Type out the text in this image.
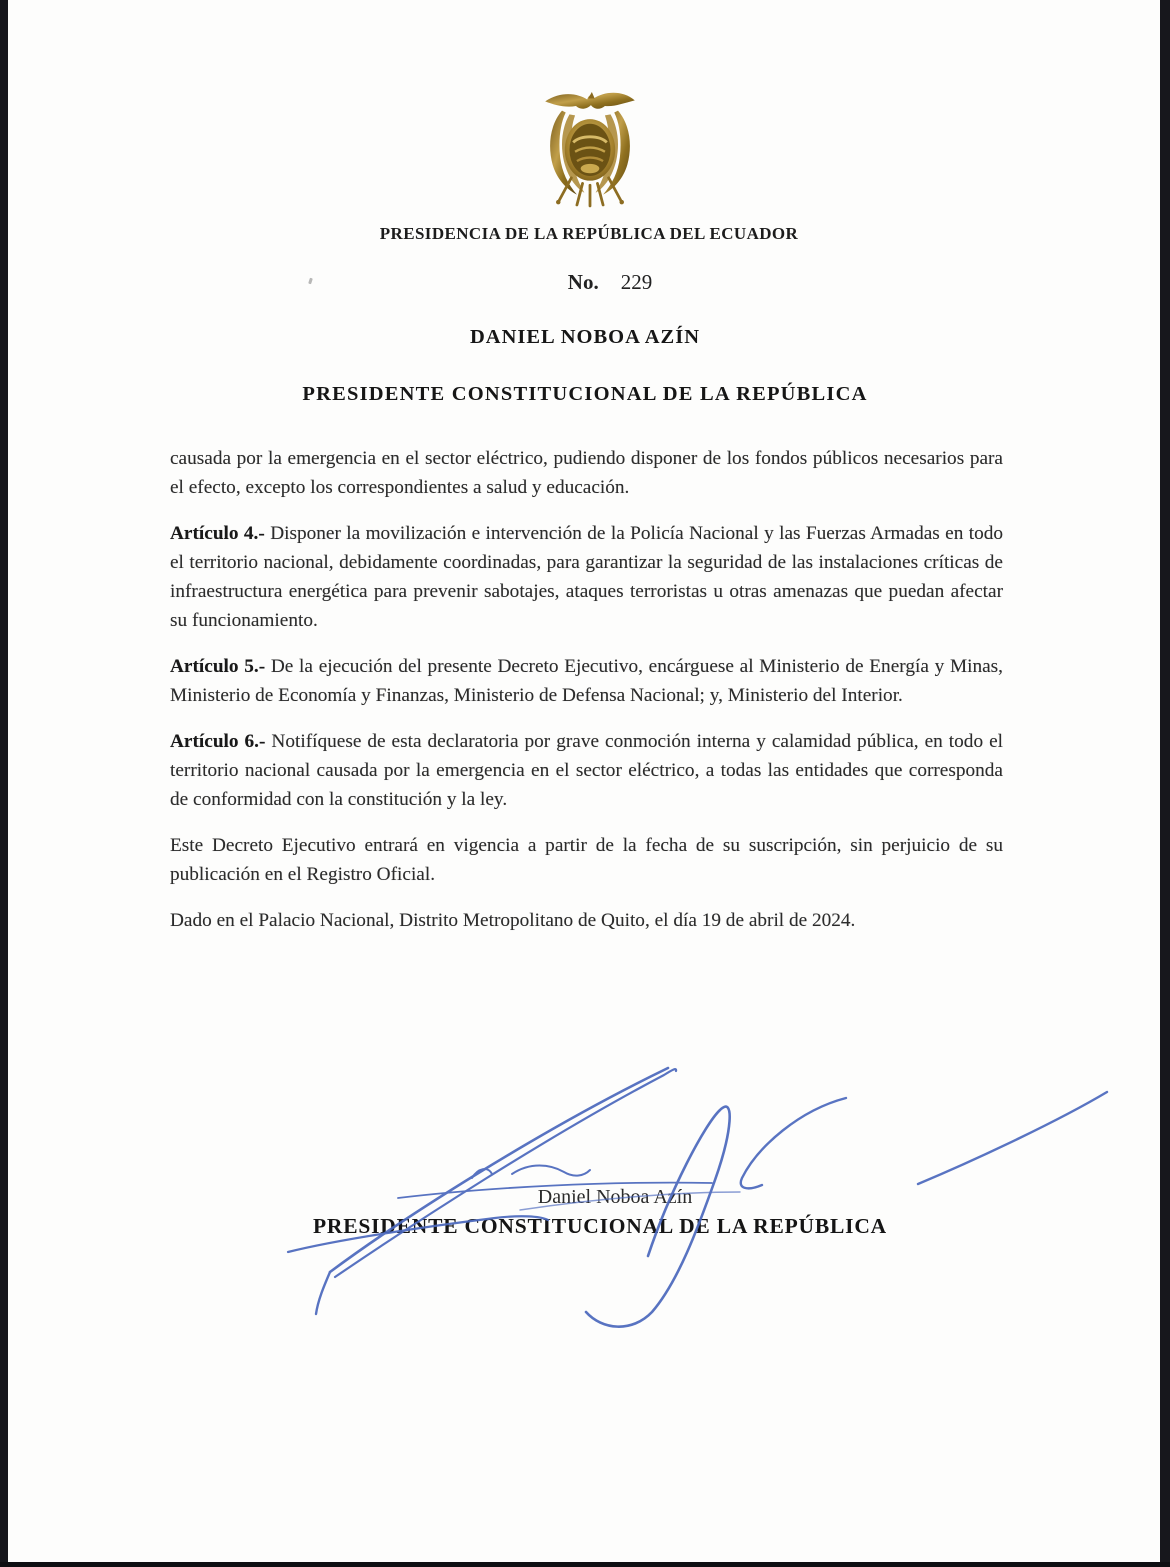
PRESIDENCIA DE LA REPÚBLICA DEL ECUADOR
No. 229
DANIEL NOBOA AZÍN
PRESIDENTE CONSTITUCIONAL DE LA REPÚBLICA

causada por la emergencia en el sector eléctrico, pudiendo disponer de los fondos públicos necesarios para el efecto, excepto los correspondientes a salud y educación.

Artículo 4.- Disponer la movilización e intervención de la Policía Nacional y las Fuerzas Armadas en todo el territorio nacional, debidamente coordinadas, para garantizar la seguridad de las instalaciones críticas de infraestructura energética para prevenir sabotajes, ataques terroristas u otras amenazas que puedan afectar su funcionamiento.

Artículo 5.- De la ejecución del presente Decreto Ejecutivo, encárguese al Ministerio de Energía y Minas, Ministerio de Economía y Finanzas, Ministerio de Defensa Nacional; y, Ministerio del Interior.

Artículo 6.- Notifíquese de esta declaratoria por grave conmoción interna y calamidad pública, en todo el territorio nacional causada por la emergencia en el sector eléctrico, a todas las entidades que corresponda de conformidad con la constitución y la ley.

Este Decreto Ejecutivo entrará en vigencia a partir de la fecha de su suscripción, sin perjuicio de su publicación en el Registro Oficial.

Dado en el Palacio Nacional, Distrito Metropolitano de Quito, el día 19 de abril de 2024.

Daniel Noboa Azín
PRESIDENTE CONSTITUCIONAL DE LA REPÚBLICA
